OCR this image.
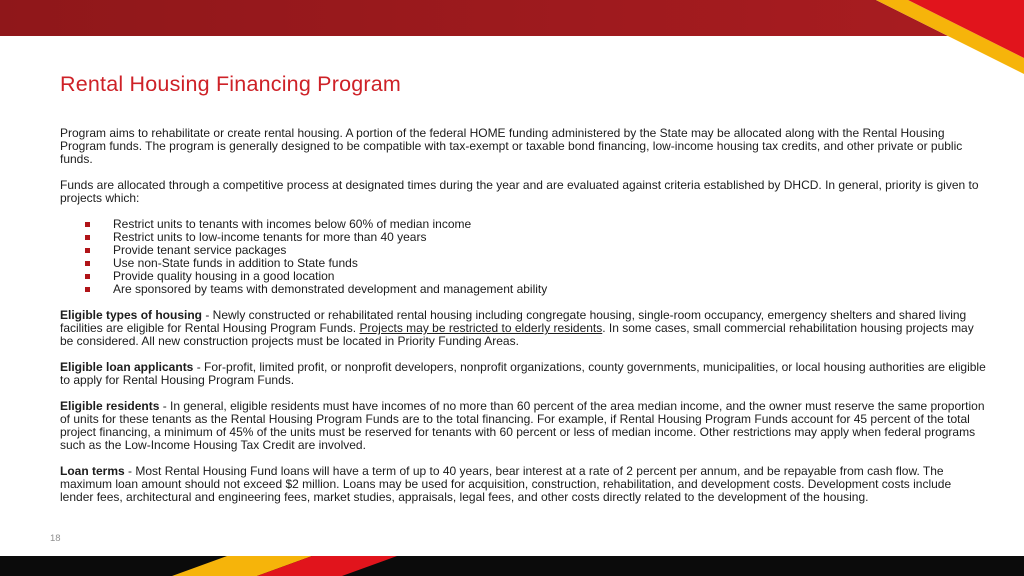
Rental Housing Financing Program

Program aims to rehabilitate or create rental housing. A portion of the federal HOME funding administered by the State may be allocated along with the Rental Housing Program funds. The program is generally designed to be compatible with tax-exempt or taxable bond financing, low-income housing tax credits, and other private or public funds.

Funds are allocated through a competitive process at designated times during the year and are evaluated against criteria established by DHCD. In general, priority is given to projects which:

Restrict units to tenants with incomes below 60% of median income
Restrict units to low-income tenants for more than 40 years
Provide tenant service packages
Use non-State funds in addition to State funds
Provide quality housing in a good location
Are sponsored by teams with demonstrated development and management ability

Eligible types of housing - Newly constructed or rehabilitated rental housing including congregate housing, single-room occupancy, emergency shelters and shared living facilities are eligible for Rental Housing Program Funds. Projects may be restricted to elderly residents. In some cases, small commercial rehabilitation housing projects may be considered. All new construction projects must be located in Priority Funding Areas.

Eligible loan applicants - For-profit, limited profit, or nonprofit developers, nonprofit organizations, county governments, municipalities, or local housing authorities are eligible to apply for Rental Housing Program Funds.

Eligible residents - In general, eligible residents must have incomes of no more than 60 percent of the area median income, and the owner must reserve the same proportion of units for these tenants as the Rental Housing Program Funds are to the total financing. For example, if Rental Housing Program Funds account for 45 percent of the total project financing, a minimum of 45% of the units must be reserved for tenants with 60 percent or less of median income. Other restrictions may apply when federal programs such as the Low-Income Housing Tax Credit are involved.

Loan terms - Most Rental Housing Fund loans will have a term of up to 40 years, bear interest at a rate of 2 percent per annum, and be repayable from cash flow. The maximum loan amount should not exceed $2 million. Loans may be used for acquisition, construction, rehabilitation, and development costs. Development costs include lender fees, architectural and engineering fees, market studies, appraisals, legal fees, and other costs directly related to the development of the housing.

18
